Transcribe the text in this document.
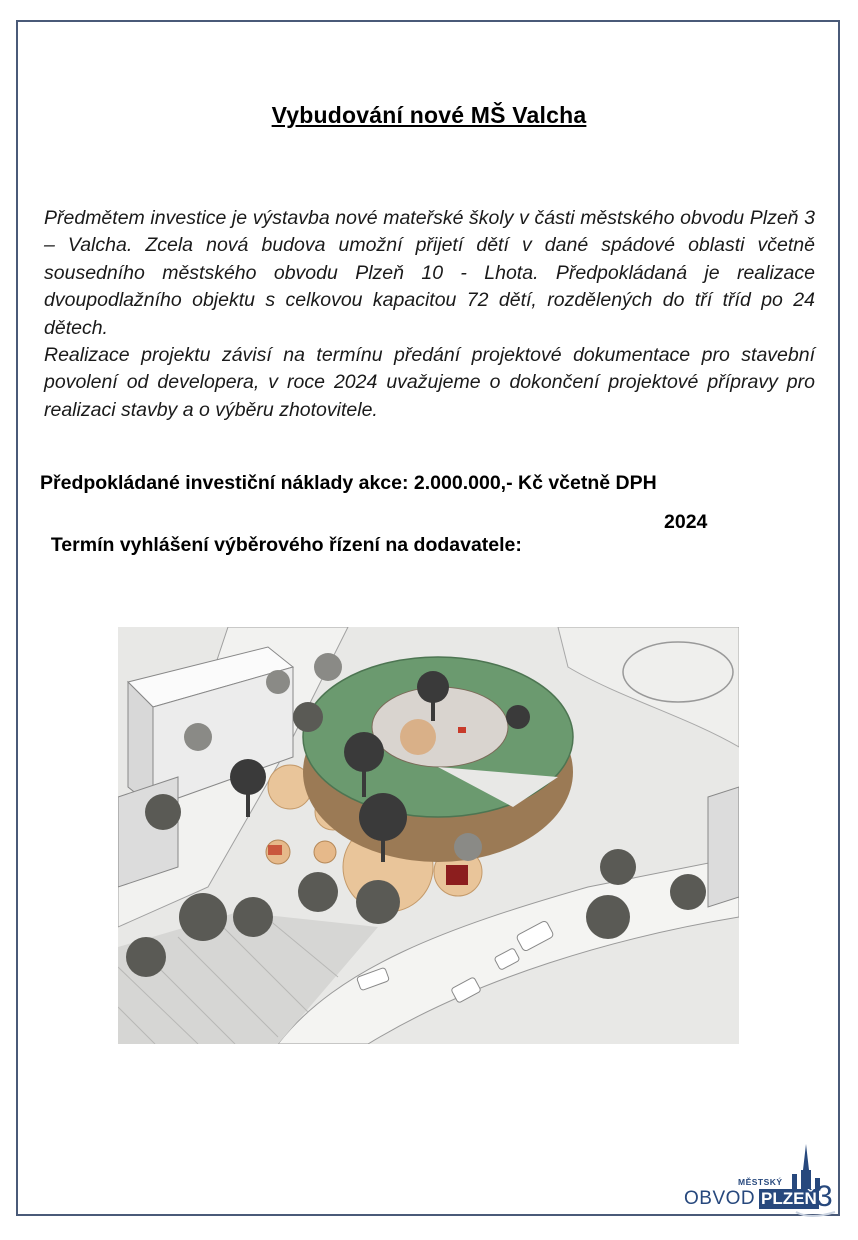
Vybudování nové MŠ Valcha

Předmětem investice je výstavba nové mateřské školy v části městského obvodu Plzeň 3 – Valcha. Zcela nová budova umožní přijetí dětí v dané spádové oblasti včetně sousedního městského obvodu Plzeň 10 - Lhota. Předpokládaná je realizace dvoupodlažního objektu s celkovou kapacitou 72 dětí, rozdělených do tří tříd po 24 dětech.

Realizace projektu závisí na termínu předání projektové dokumentace pro stavební povolení od developera, v roce 2024 uvažujeme o dokončení projektové přípravy pro realizaci stavby a o výběru zhotovitele.

Předpokládané investiční náklady akce: 2.000.000,- Kč včetně DPH

Termín vyhlášení výběrového řízení na dodavatele:

2024

MĚSTSKÝ
OBVOD PLZEŇ 3
